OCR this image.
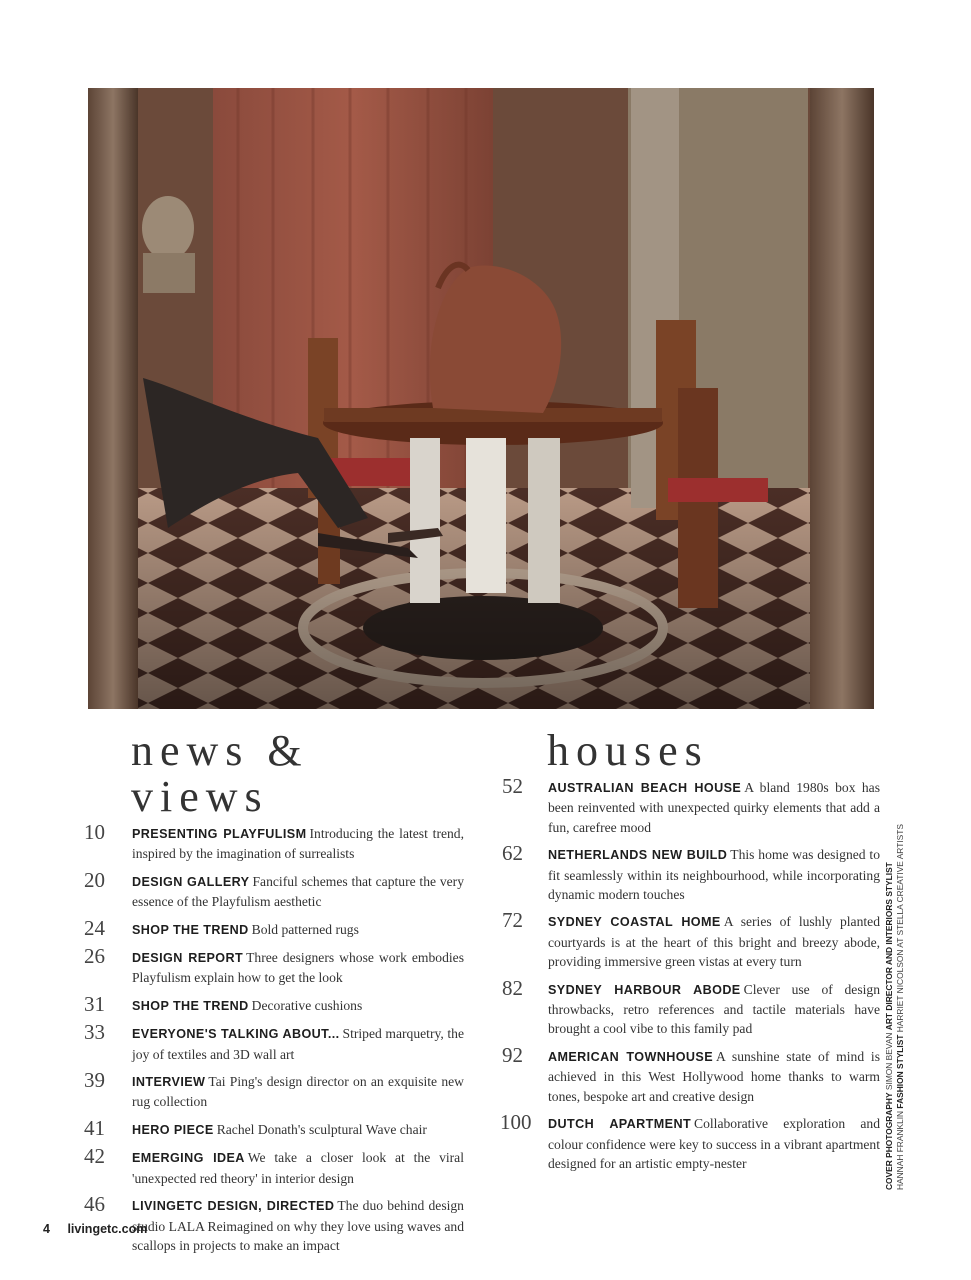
july 2024
news & views
10 PRESENTING PLAYFULISM Introducing the latest trend, inspired by the imagination of surrealists
20 DESIGN GALLERY Fanciful schemes that capture the very essence of the Playfulism aesthetic
24 SHOP THE TREND Bold patterned rugs
26 DESIGN REPORT Three designers whose work embodies Playfulism explain how to get the look
31 SHOP THE TREND Decorative cushions
33 EVERYONE'S TALKING ABOUT... Striped marquetry, the joy of textiles and 3D wall art
39 INTERVIEW Tai Ping's design director on an exquisite new rug collection
41 HERO PIECE Rachel Donath's sculptural Wave chair
42 EMERGING IDEA We take a closer look at the viral 'unexpected red theory' in interior design
46 LIVINGETC DESIGN, DIRECTED The duo behind design studio LALA Reimagined on why they love using waves and scallops in projects to make an impact
houses
52 AUSTRALIAN BEACH HOUSE A bland 1980s box has been reinvented with unexpected quirky elements that add a fun, carefree mood
62 NETHERLANDS NEW BUILD This home was designed to fit seamlessly within its neighbourhood, while incorporating dynamic modern touches
72 SYDNEY COASTAL HOME A series of lushly planted courtyards is at the heart of this bright and breezy abode, providing immersive green vistas at every turn
82 SYDNEY HARBOUR ABODE Clever use of design throwbacks, retro references and tactile materials have brought a cool vibe to this family pad
92 AMERICAN TOWNHOUSE A sunshine state of mind is achieved in this West Hollywood home thanks to warm tones, bespoke art and creative design
100 DUTCH APARTMENT Collaborative exploration and colour confidence were key to success in a vibrant apartment designed for an artistic empty-nester	COVER PHOTOGRAPHY SIMON BEVAN ART DIRECTOR AND INTERIORS STYLIST
HANNAH FRANKLIN FASHION STYLIST HARRIET NICOLSON AT STELLA CREATIVE ARTISTS
4 livingetc.com
